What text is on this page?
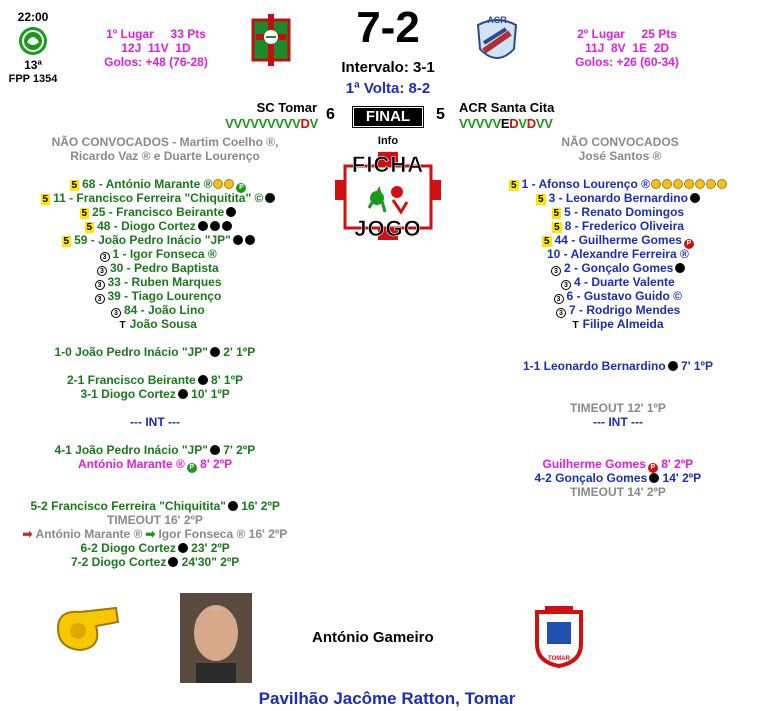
22:00
13ª
FPP 1354
1º Lugar     33 Pts
12J  11V  1D
Golos: +48 (76-28)
7-2
Intervalo: 3-1
1ª Volta: 8-2
ACR
2º Lugar     25 Pts
11J  8V  1E  2D
Golos: +26 (60-34)
SC Tomar
VVVVVVVVVDV
6	FINAL	5 ACR Santa Cita
VVVVVEDVDVV
Info
FICHA
JOGO
NÃO CONVOCADOS - Martim Coelho ®,
Ricardo Vaz ® e Duarte Lourenço
NÃO CONVOCADOS
José Santos ®
5 68 - António Marante ®	P
5 11 - Francisco Ferreira "Chiquitita" ©
5 25 - Francisco Beirante
5 48 - Diogo Cortez
5 59 - João Pedro Inácio "JP"
3 1 - Igor Fonseca ®
3 30 - Pedro Baptista
3 33 - Ruben Marques
3 39 - Tiago Lourenço
3 84 - João Lino
T João Sousa
5 1 - Afonso Lourenço ®
5 3 - Leonardo Bernardino
5 5 - Renato Domingos
5 8 - Frederico Oliveira
5 44 - Guilherme Gomes P
10 - Alexandre Ferreira ®
3 2 - Gonçalo Gomes
3 4 - Duarte Valente
3 6 - Gustavo Guido ©
3 7 - Rodrigo Mendes
T Filipe Almeida
1-0 João Pedro Inácio "JP" 2' 1ºP
2-1 Francisco Beirante 8' 1ºP
3-1 Diogo Cortez 10' 1ºP
--- INT ---
4-1 João Pedro Inácio "JP" 7' 2ºP
António Marante ® P 8' 2ºP
5-2 Francisco Ferreira "Chiquitita" 16' 2ºP
TIMEOUT 16' 2ºP
➡ António Marante ® ➡ Igor Fonseca ® 16' 2ºP
6-2 Diogo Cortez 23' 2ºP
7-2 Diogo Cortez 24'30" 2ºP
1-1 Leonardo Bernardino 7' 1ºP
TIMEOUT 12' 1ºP
--- INT ---
Guilherme Gomes P 8' 2ºP
4-2 Gonçalo Gomes 14' 2ºP
TIMEOUT 14' 2ºP
António Gameiro
TOMAR
Pavilhão Jacôme Ratton, Tomar
